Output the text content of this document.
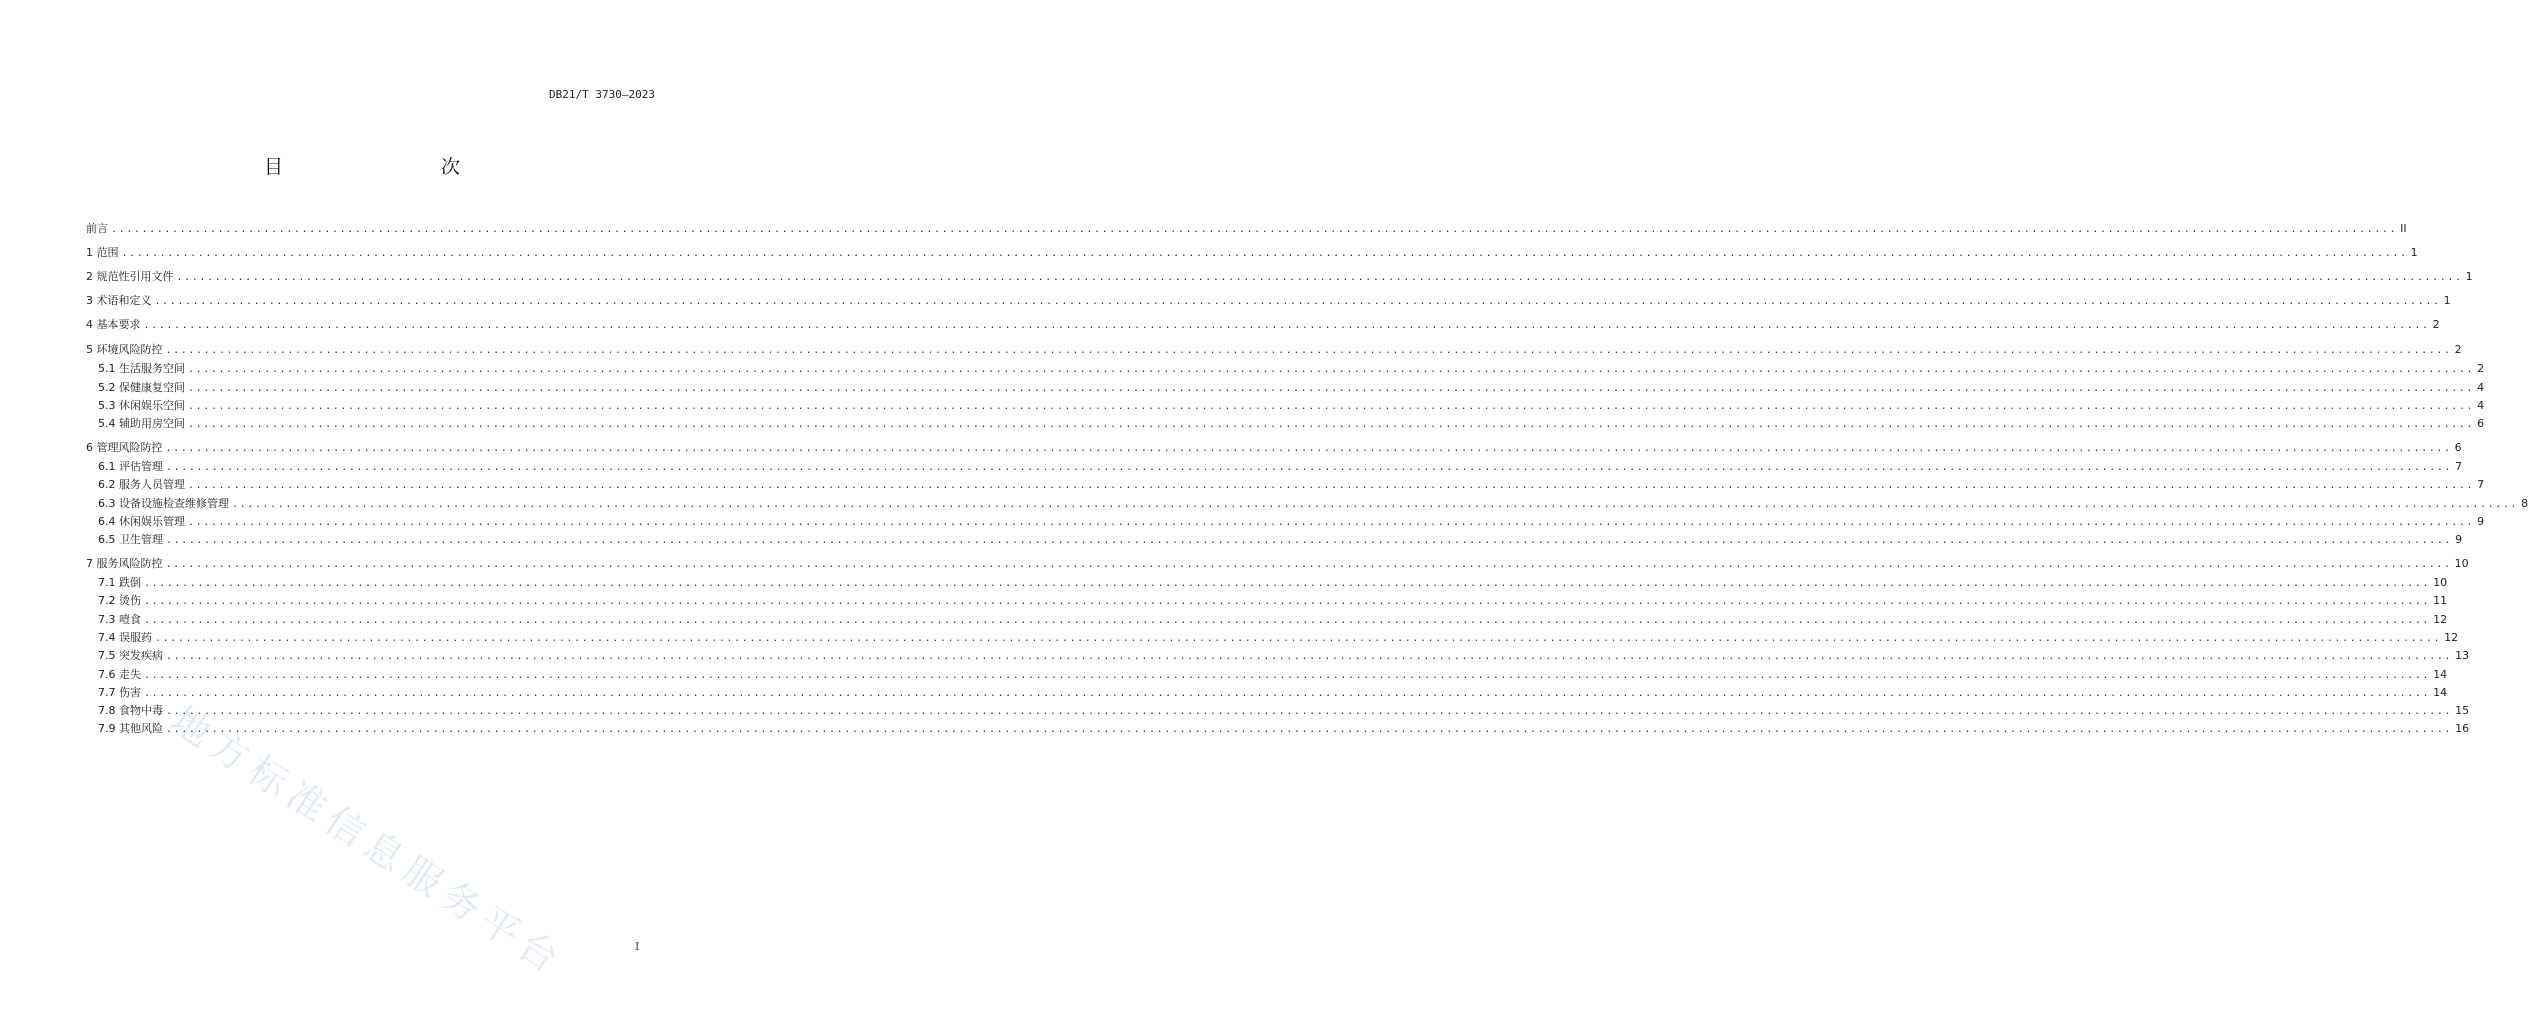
DB21/T 3730—2023
目　　次
前言 ............................................................................................................................................................................................................................................................................................................ II
1 范围 ............................................................................................................................................................................................................................................................................................................ 1
2 规范性引用文件 ............................................................................................................................................................................................................................................................................................................ 1
3 术语和定义 ............................................................................................................................................................................................................................................................................................................ 1
4 基本要求 ............................................................................................................................................................................................................................................................................................................ 2
5 环境风险防控 ............................................................................................................................................................................................................................................................................................................ 2
5.1 生活服务空间 ............................................................................................................................................................................................................................................................................................................ 2
5.2 保健康复空间 ............................................................................................................................................................................................................................................................................................................ 4
5.3 休闲娱乐空间 ............................................................................................................................................................................................................................................................................................................ 4
5.4 辅助用房空间 ............................................................................................................................................................................................................................................................................................................ 6
6 管理风险防控 ............................................................................................................................................................................................................................................................................................................ 6
6.1 评估管理 ............................................................................................................................................................................................................................................................................................................ 7
6.2 服务人员管理 ............................................................................................................................................................................................................................................................................................................ 7
6.3 设备设施检查维修管理 ............................................................................................................................................................................................................................................................................................................ 8
6.4 休闲娱乐管理 ............................................................................................................................................................................................................................................................................................................ 9
6.5 卫生管理 ............................................................................................................................................................................................................................................................................................................ 9
7 服务风险防控 ............................................................................................................................................................................................................................................................................................................ 10
7.1 跌倒 ............................................................................................................................................................................................................................................................................................................ 10
7.2 烫伤 ............................................................................................................................................................................................................................................................................................................ 11
7.3 噎食 ............................................................................................................................................................................................................................................................................................................ 12
7.4 误服药 ............................................................................................................................................................................................................................................................................................................ 12
7.5 突发疾病 ............................................................................................................................................................................................................................................................................................................ 13
7.6 走失 ............................................................................................................................................................................................................................................................................................................ 14
7.7 伤害 ............................................................................................................................................................................................................................................................................................................ 14
7.8 食物中毒 ............................................................................................................................................................................................................................................................................................................ 15
7.9 其他风险 ............................................................................................................................................................................................................................................................................................................ 16
地方标准信息服务平台	I
